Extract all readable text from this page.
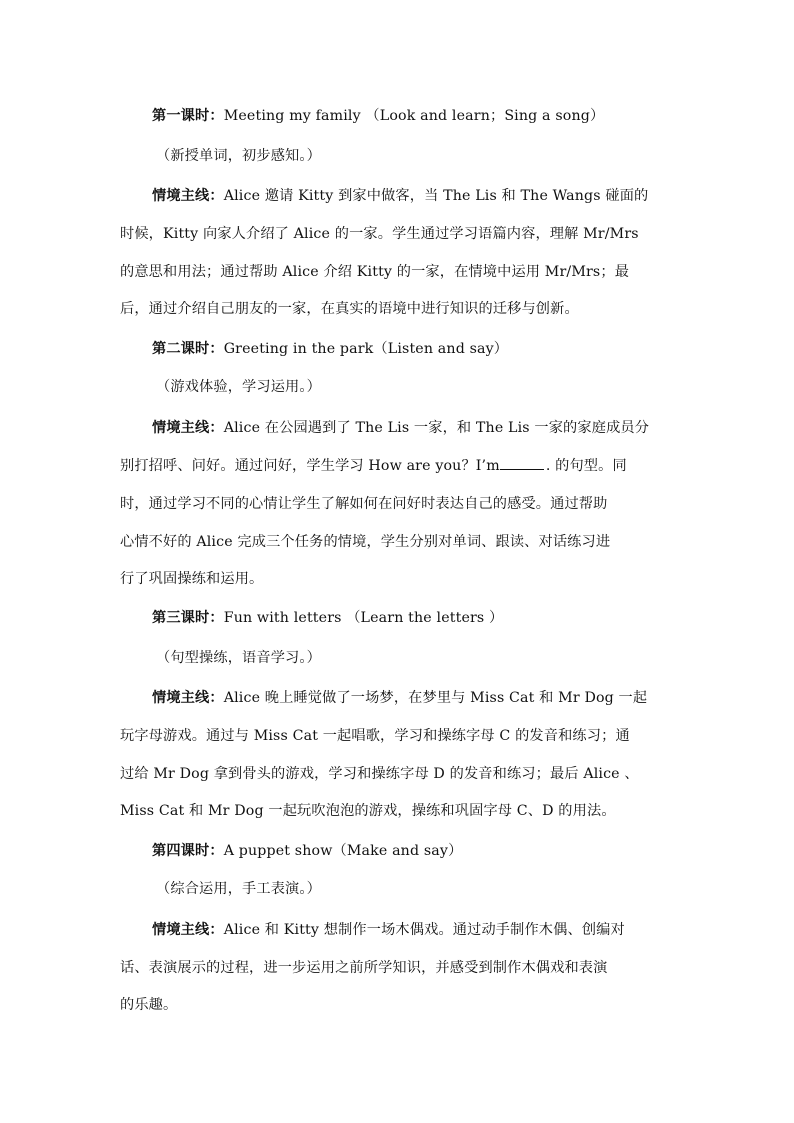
第一课时：Meeting my family （Look and learn；Sing a song）
（新授单词，初步感知。）
情境主线：Alice 邀请 Kitty 到家中做客，当 The Lis 和 The Wangs 碰面的
时候，Kitty 向家人介绍了 Alice 的一家。学生通过学习语篇内容，理解 Mr/Mrs
的意思和用法；通过帮助 Alice 介绍 Kitty 的一家，在情境中运用 Mr/Mrs；最
后，通过介绍自己朋友的一家，在真实的语境中进行知识的迁移与创新。
第二课时：Greeting in the park（Listen and say）
（游戏体验，学习运用。）
情境主线：Alice 在公园遇到了 The Lis 一家，和 The Lis 一家的家庭成员分
别打招呼、问好。通过问好，学生学习 How are you？I’m	. 的句型。同
时，通过学习不同的心情让学生了解如何在问好时表达自己的感受。通过帮助
心情不好的 Alice 完成三个任务的情境，学生分别对单词、跟读、对话练习进
行了巩固操练和运用。
第三课时：Fun with letters （Learn the letters ）
（句型操练，语音学习。）
情境主线：Alice 晚上睡觉做了一场梦，在梦里与 Miss Cat 和 Mr Dog 一起
玩字母游戏。通过与 Miss Cat 一起唱歌，学习和操练字母 C 的发音和练习；通
过给 Mr Dog 拿到骨头的游戏，学习和操练字母 D 的发音和练习；最后 Alice 、
Miss Cat 和 Mr Dog 一起玩吹泡泡的游戏，操练和巩固字母 C、D 的用法。
第四课时：A puppet show（Make and say）
（综合运用，手工表演。）
情境主线：Alice 和 Kitty 想制作一场木偶戏。通过动手制作木偶、创编对
话、表演展示的过程，进一步运用之前所学知识，并感受到制作木偶戏和表演
的乐趣。
